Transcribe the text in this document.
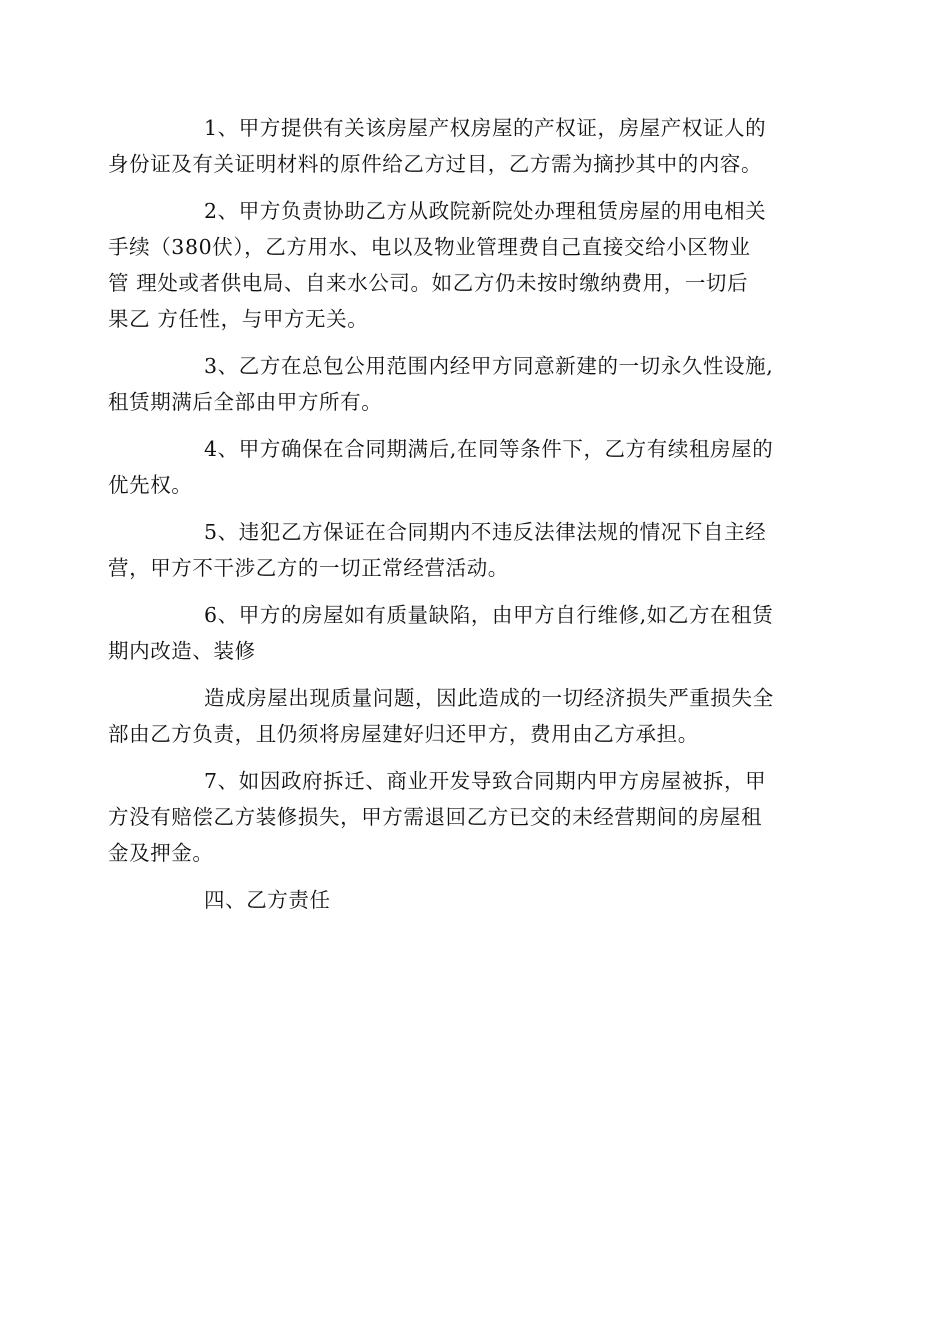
1、甲方提供有关该房屋产权房屋的产权证，房屋产权证人的
身份证及有关证明材料的原件给乙方过目，乙方需为摘抄其中的内容。

2、甲方负责协助乙方从政院新院处办理租赁房屋的用电相关
手续（380伏），乙方用水、电以及物业管理费自己直接交给小区物业
管 理处或者供电局、自来水公司。如乙方仍未按时缴纳费用，一切后
果乙 方任性，与甲方无关。

3、乙方在总包公用范围内经甲方同意新建的一切永久性设施,
租赁期满后全部由甲方所有。

4、甲方确保在合同期满后,在同等条件下，乙方有续租房屋的
优先权。

5、违犯乙方保证在合同期内不违反法律法规的情况下自主经
营，甲方不干涉乙方的一切正常经营活动。

6、甲方的房屋如有质量缺陷，由甲方自行维修,如乙方在租赁
期内改造、装修

造成房屋出现质量问题，因此造成的一切经济损失严重损失全
部由乙方负责，且仍须将房屋建好归还甲方，费用由乙方承担。

7、如因政府拆迁、商业开发导致合同期内甲方房屋被拆，甲
方没有赔偿乙方装修损失，甲方需退回乙方已交的未经营期间的房屋租
金及押金。

四、乙方责任
